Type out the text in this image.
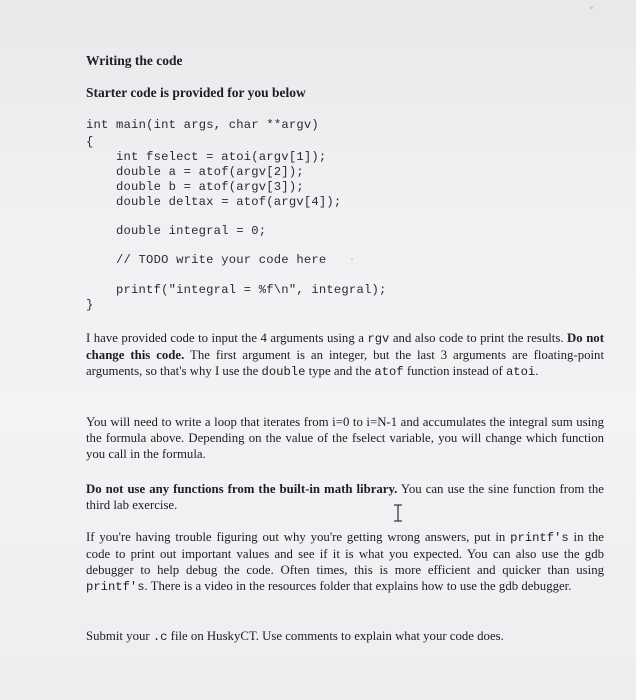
Writing the code
Starter code is provided for you below
int main(int args, char **argv)
{
int fselect = atoi(argv[1]);
double a = atof(argv[2]);
double b = atof(argv[3]);
double deltax = atof(argv[4]);
double integral = 0;
// TODO write your code here
printf("integral = %f\n", integral);
}
I have provided code to input the 4 arguments using a rgv and also code to print the results. Do not change this code. The first argument is an integer, but the last 3 arguments are floating-point arguments, so that's why I use the double type and the atof function instead of atoi.
You will need to write a loop that iterates from i=0 to i=N-1 and accumulates the integral sum using the formula above. Depending on the value of the fselect variable, you will change which function you call in the formula.
Do not use any functions from the built-in math library. You can use the sine function from the third lab exercise.
If you're having trouble figuring out why you're getting wrong answers, put in printf's in the code to print out important values and see if it is what you expected. You can also use the gdb debugger to help debug the code. Often times, this is more efficient and quicker than using printf's. There is a video in the resources folder that explains how to use the gdb debugger.
Submit your .c file on HuskyCT. Use comments to explain what your code does.
